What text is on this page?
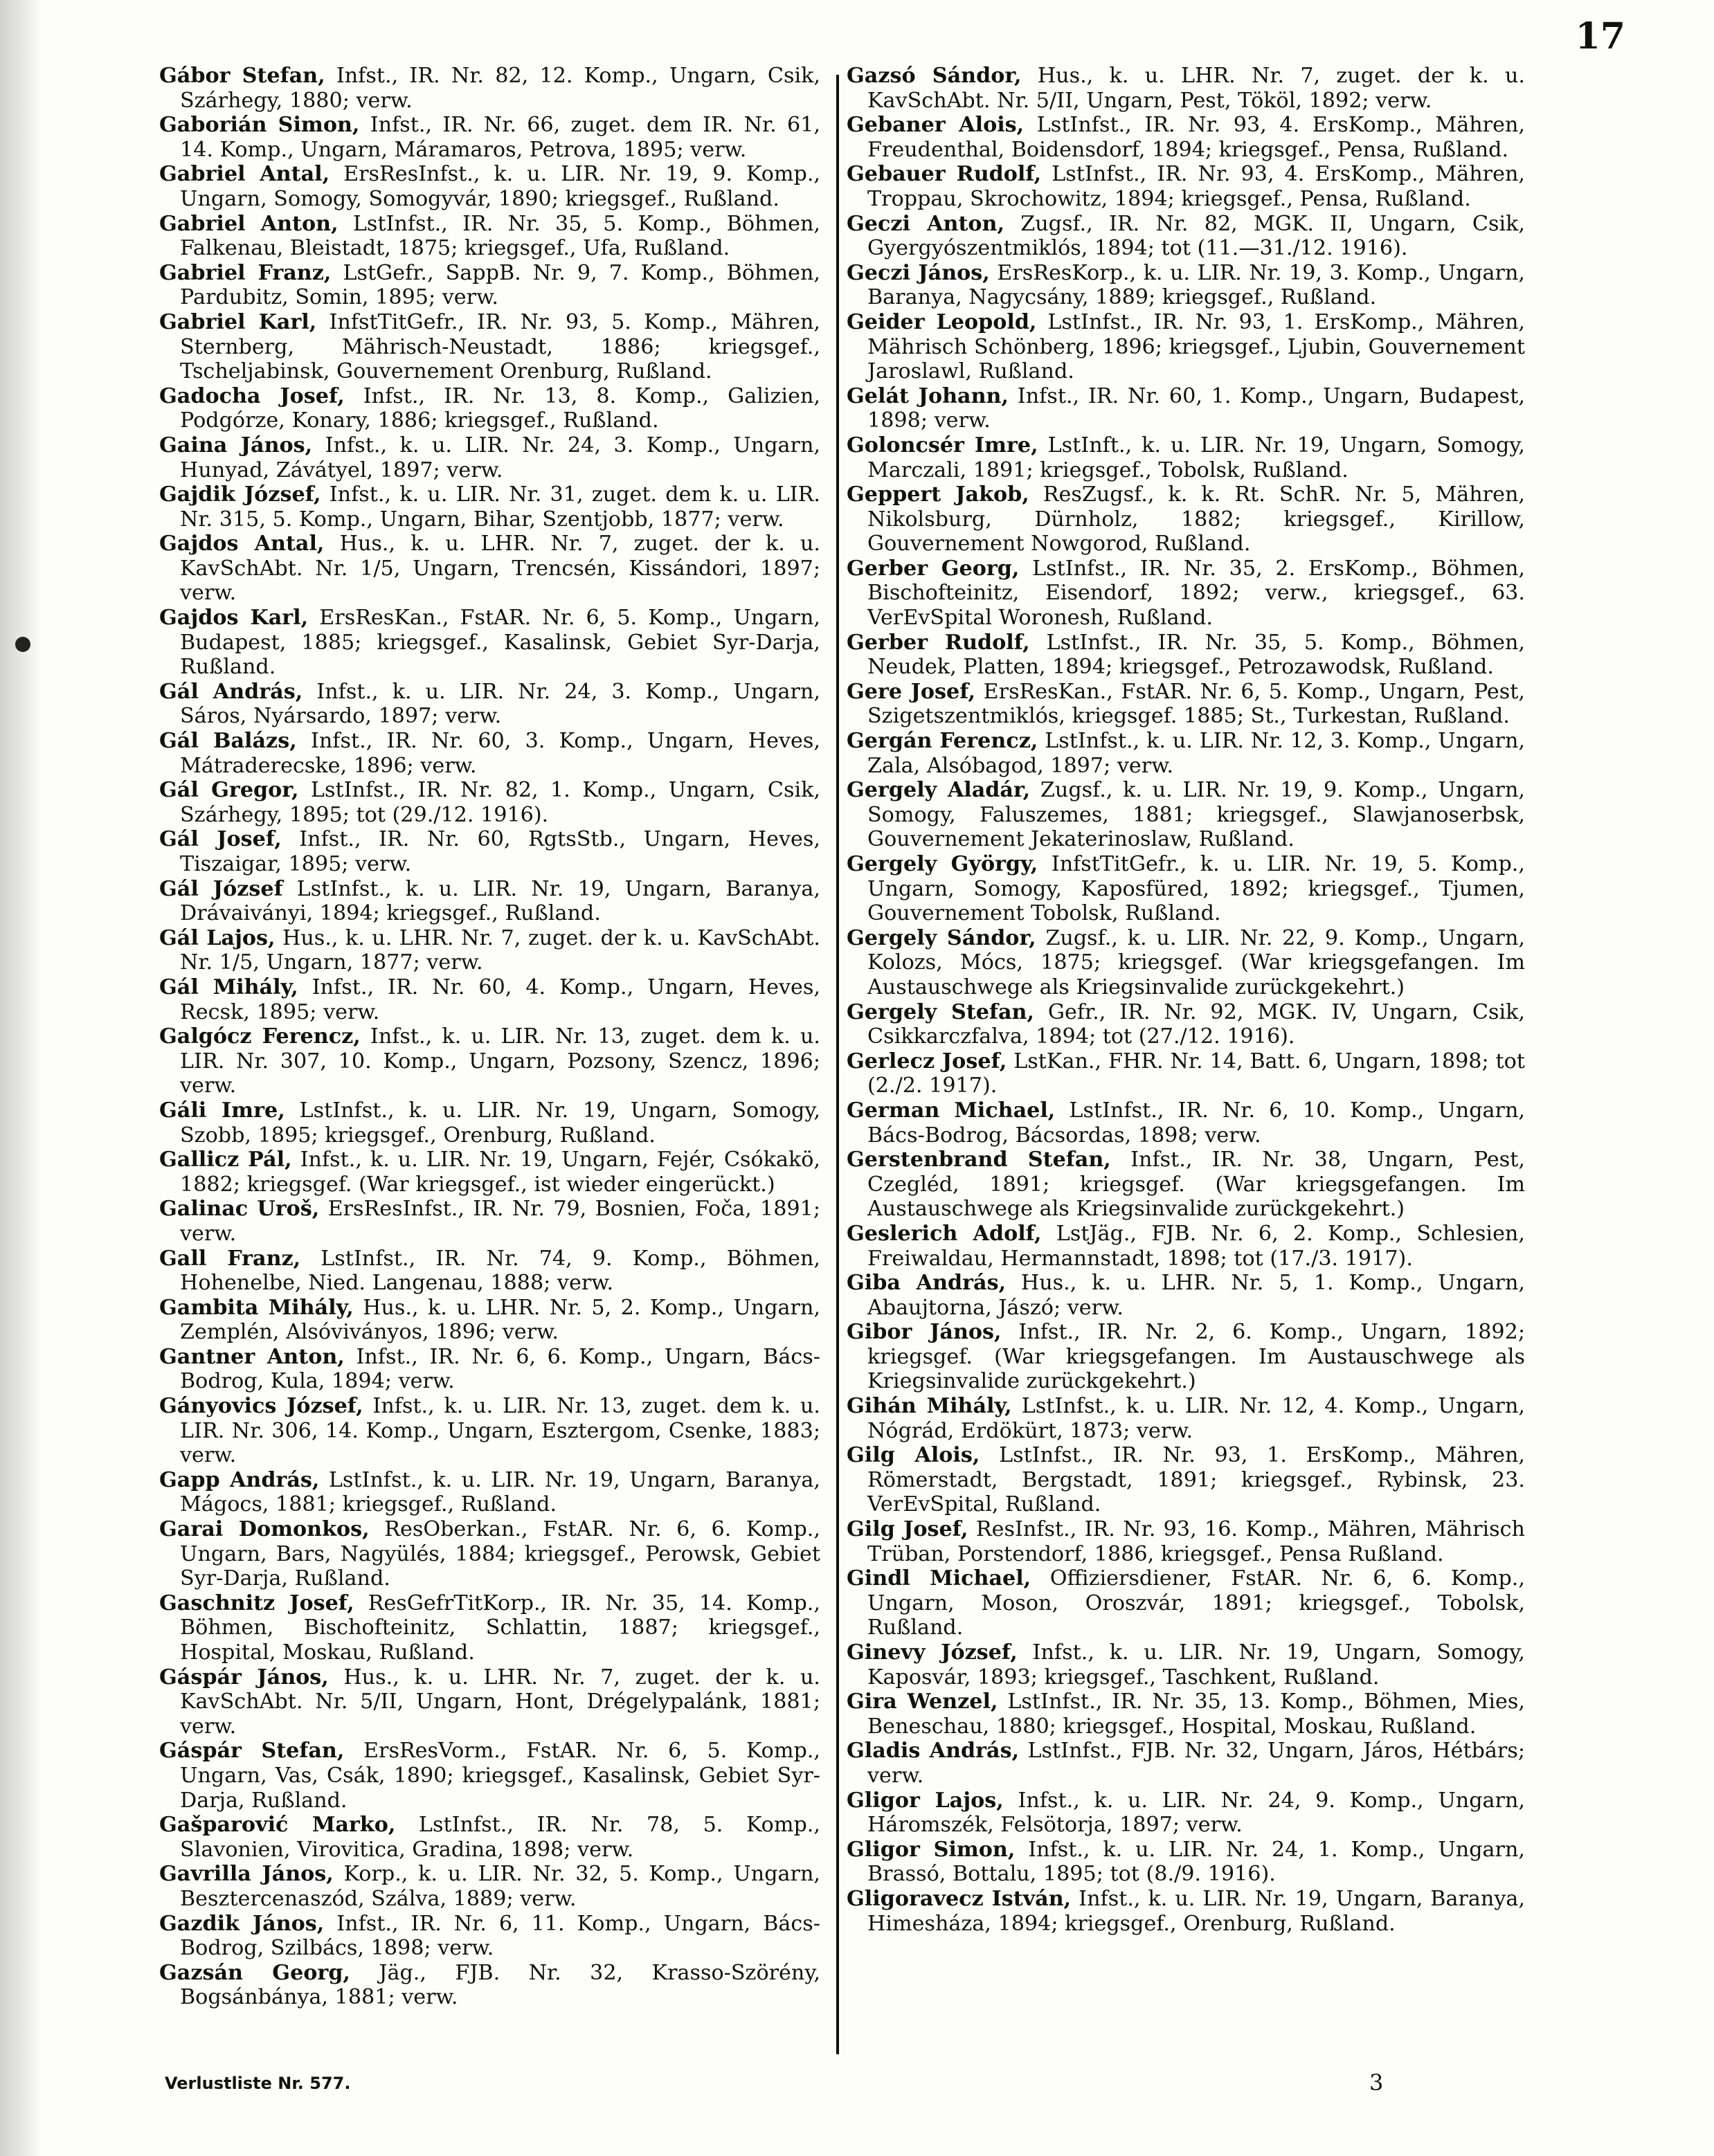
17

Gábor Stefan, Infst., IR. Nr. 82, 12. Komp., Ungarn, Csik, Szárhegy, 1880; verw.

Gaborián Simon, Infst., IR. Nr. 66, zuget. dem IR. Nr. 61, 14. Komp., Ungarn, Máramaros, Petrova, 1895; verw.

Gabriel Antal, ErsResInfst., k. u. LIR. Nr. 19, 9. Komp., Ungarn, Somogy, Somogyvár, 1890; kriegsgef., Rußland.

Gabriel Anton, LstInfst., IR. Nr. 35, 5. Komp., Böhmen, Falkenau, Bleistadt, 1875; kriegsgef., Ufa, Rußland.

Gabriel Franz, LstGefr., SappB. Nr. 9, 7. Komp., Böhmen, Pardubitz, Somin, 1895; verw.

Gabriel Karl, InfstTitGefr., IR. Nr. 93, 5. Komp., Mähren, Sternberg, Mährisch-Neustadt, 1886; kriegsgef., Tscheljabinsk, Gouvernement Orenburg, Rußland.

Gadocha Josef, Infst., IR. Nr. 13, 8. Komp., Galizien, Podgórze, Konary, 1886; kriegsgef., Rußland.

Gaina János, Infst., k. u. LIR. Nr. 24, 3. Komp., Ungarn, Hunyad, Závátyel, 1897; verw.

Gajdik József, Infst., k. u. LIR. Nr. 31, zuget. dem k. u. LIR. Nr. 315, 5. Komp., Ungarn, Bihar, Szentjobb, 1877; verw.

Gajdos Antal, Hus., k. u. LHR. Nr. 7, zuget. der k. u. KavSchAbt. Nr. 1/5, Ungarn, Trencsén, Kissándori, 1897; verw.

Gajdos Karl, ErsResKan., FstAR. Nr. 6, 5. Komp., Ungarn, Budapest, 1885; kriegsgef., Kasalinsk, Gebiet Syr-Darja, Rußland.

Gál András, Infst., k. u. LIR. Nr. 24, 3. Komp., Ungarn, Sáros, Nyársardo, 1897; verw.

Gál Balázs, Infst., IR. Nr. 60, 3. Komp., Ungarn, Heves, Mátraderecske, 1896; verw.

Gál Gregor, LstInfst., IR. Nr. 82, 1. Komp., Ungarn, Csik, Szárhegy, 1895; tot (29./12. 1916).

Gál Josef, Infst., IR. Nr. 60, RgtsStb., Ungarn, Heves, Tiszaigar, 1895; verw.

Gál József LstInfst., k. u. LIR. Nr. 19, Ungarn, Baranya, Drávaiványi, 1894; kriegsgef., Rußland.

Gál Lajos, Hus., k. u. LHR. Nr. 7, zuget. der k. u. KavSchAbt. Nr. 1/5, Ungarn, 1877; verw.

Gál Mihály, Infst., IR. Nr. 60, 4. Komp., Ungarn, Heves, Recsk, 1895; verw.

Galgócz Ferencz, Infst., k. u. LIR. Nr. 13, zuget. dem k. u. LIR. Nr. 307, 10. Komp., Ungarn, Pozsony, Szencz, 1896; verw.

Gáli Imre, LstInfst., k. u. LIR. Nr. 19, Ungarn, Somogy, Szobb, 1895; kriegsgef., Orenburg, Rußland.

Gallicz Pál, Infst., k. u. LIR. Nr. 19, Ungarn, Fejér, Csókakö, 1882; kriegsgef. (War kriegsgef., ist wieder eingerückt.)

Galinac Uroš, ErsResInfst., IR. Nr. 79, Bosnien, Foča, 1891; verw.

Gall Franz, LstInfst., IR. Nr. 74, 9. Komp., Böhmen, Hohenelbe, Nied. Langenau, 1888; verw.

Gambita Mihály, Hus., k. u. LHR. Nr. 5, 2. Komp., Ungarn, Zemplén, Alsóviványos, 1896; verw.

Gantner Anton, Infst., IR. Nr. 6, 6. Komp., Ungarn, Bács-Bodrog, Kula, 1894; verw.

Gányovics József, Infst., k. u. LIR. Nr. 13, zuget. dem k. u. LIR. Nr. 306, 14. Komp., Ungarn, Esztergom, Csenke, 1883; verw.

Gapp András, LstInfst., k. u. LIR. Nr. 19, Ungarn, Baranya, Mágocs, 1881; kriegsgef., Rußland.

Garai Domonkos, ResOberkan., FstAR. Nr. 6, 6. Komp., Ungarn, Bars, Nagyülés, 1884; kriegsgef., Perowsk, Gebiet Syr-Darja, Rußland.

Gaschnitz Josef, ResGefrTitKorp., IR. Nr. 35, 14. Komp., Böhmen, Bischofteinitz, Schlattin, 1887; kriegsgef., Hospital, Moskau, Rußland.

Gáspár János, Hus., k. u. LHR. Nr. 7, zuget. der k. u. KavSchAbt. Nr. 5/II, Ungarn, Hont, Drégelypalánk, 1881; verw.

Gáspár Stefan, ErsResVorm., FstAR. Nr. 6, 5. Komp., Ungarn, Vas, Csák, 1890; kriegsgef., Kasalinsk, Gebiet Syr-Darja, Rußland.

Gašparović Marko, LstInfst., IR. Nr. 78, 5. Komp., Slavonien, Virovitica, Gradina, 1898; verw.

Gavrilla János, Korp., k. u. LIR. Nr. 32, 5. Komp., Ungarn, Besztercenaszód, Szálva, 1889; verw.

Gazdik János, Infst., IR. Nr. 6, 11. Komp., Ungarn, Bács-Bodrog, Szilbács, 1898; verw.

Gazsán Georg, Jäg., FJB. Nr. 32, Krasso-Szörény, Bogsánbánya, 1881; verw.

Gazsó Sándor, Hus., k. u. LHR. Nr. 7, zuget. der k. u. KavSchAbt. Nr. 5/II, Ungarn, Pest, Tököl, 1892; verw.

Gebaner Alois, LstInfst., IR. Nr. 93, 4. ErsKomp., Mähren, Freudenthal, Boidensdorf, 1894; kriegsgef., Pensa, Rußland.

Gebauer Rudolf, LstInfst., IR. Nr. 93, 4. ErsKomp., Mähren, Troppau, Skrochowitz, 1894; kriegsgef., Pensa, Rußland.

Geczi Anton, Zugsf., IR. Nr. 82, MGK. II, Ungarn, Csik, Gyergyószentmiklós, 1894; tot (11.—31./12. 1916).

Geczi János, ErsResKorp., k. u. LIR. Nr. 19, 3. Komp., Ungarn, Baranya, Nagycsány, 1889; kriegsgef., Rußland.

Geider Leopold, LstInfst., IR. Nr. 93, 1. ErsKomp., Mähren, Mährisch Schönberg, 1896; kriegsgef., Ljubin, Gouvernement Jaroslawl, Rußland.

Gelát Johann, Infst., IR. Nr. 60, 1. Komp., Ungarn, Budapest, 1898; verw.

Goloncsér Imre, LstInft., k. u. LIR. Nr. 19, Ungarn, Somogy, Marczali, 1891; kriegsgef., Tobolsk, Rußland.

Geppert Jakob, ResZugsf., k. k. Rt. SchR. Nr. 5, Mähren, Nikolsburg, Dürnholz, 1882; kriegsgef., Kirillow, Gouvernement Nowgorod, Rußland.

Gerber Georg, LstInfst., IR. Nr. 35, 2. ErsKomp., Böhmen, Bischofteinitz, Eisendorf, 1892; verw., kriegsgef., 63. VerEvSpital Woronesh, Rußland.

Gerber Rudolf, LstInfst., IR. Nr. 35, 5. Komp., Böhmen, Neudek, Platten, 1894; kriegsgef., Petrozawodsk, Rußland.

Gere Josef, ErsResKan., FstAR. Nr. 6, 5. Komp., Ungarn, Pest, Szigetszentmiklós, kriegsgef. 1885; St., Turkestan, Rußland.

Gergán Ferencz, LstInfst., k. u. LIR. Nr. 12, 3. Komp., Ungarn, Zala, Alsóbagod, 1897; verw.

Gergely Aladár, Zugsf., k. u. LIR. Nr. 19, 9. Komp., Ungarn, Somogy, Faluszemes, 1881; kriegsgef., Slawjanoserbsk, Gouvernement Jekaterinoslaw, Rußland.

Gergely György, InfstTitGefr., k. u. LIR. Nr. 19, 5. Komp., Ungarn, Somogy, Kaposfüred, 1892; kriegsgef., Tjumen, Gouvernement Tobolsk, Rußland.

Gergely Sándor, Zugsf., k. u. LIR. Nr. 22, 9. Komp., Ungarn, Kolozs, Mócs, 1875; kriegsgef. (War kriegsgefangen. Im Austauschwege als Kriegsinvalide zurückgekehrt.)

Gergely Stefan, Gefr., IR. Nr. 92, MGK. IV, Ungarn, Csik, Csikkarczfalva, 1894; tot (27./12. 1916).

Gerlecz Josef, LstKan., FHR. Nr. 14, Batt. 6, Ungarn, 1898; tot (2./2. 1917).

German Michael, LstInfst., IR. Nr. 6, 10. Komp., Ungarn, Bács-Bodrog, Bácsordas, 1898; verw.

Gerstenbrand Stefan, Infst., IR. Nr. 38, Ungarn, Pest, Czegléd, 1891; kriegsgef. (War kriegsgefangen. Im Austauschwege als Kriegsinvalide zurückgekehrt.)

Geslerich Adolf, LstJäg., FJB. Nr. 6, 2. Komp., Schlesien, Freiwaldau, Hermannstadt, 1898; tot (17./3. 1917).

Giba András, Hus., k. u. LHR. Nr. 5, 1. Komp., Ungarn, Abaujtorna, Jászó; verw.

Gibor János, Infst., IR. Nr. 2, 6. Komp., Ungarn, 1892; kriegsgef. (War kriegsgefangen. Im Austauschwege als Kriegsinvalide zurückgekehrt.)

Gihán Mihály, LstInfst., k. u. LIR. Nr. 12, 4. Komp., Ungarn, Nógrád, Erdökürt, 1873; verw.

Gilg Alois, LstInfst., IR. Nr. 93, 1. ErsKomp., Mähren, Römerstadt, Bergstadt, 1891; kriegsgef., Rybinsk, 23. VerEvSpital, Rußland.

Gilg Josef, ResInfst., IR. Nr. 93, 16. Komp., Mähren, Mährisch Trüban, Porstendorf, 1886, kriegsgef., Pensa Rußland.

Gindl Michael, Offiziersdiener, FstAR. Nr. 6, 6. Komp., Ungarn, Moson, Oroszvár, 1891; kriegsgef., Tobolsk, Rußland.

Ginevy József, Infst., k. u. LIR. Nr. 19, Ungarn, Somogy, Kaposvár, 1893; kriegsgef., Taschkent, Rußland.

Gira Wenzel, LstInfst., IR. Nr. 35, 13. Komp., Böhmen, Mies, Beneschau, 1880; kriegsgef., Hospital, Moskau, Rußland.

Gladis András, LstInfst., FJB. Nr. 32, Ungarn, Járos, Hétbárs; verw.

Gligor Lajos, Infst., k. u. LIR. Nr. 24, 9. Komp., Ungarn, Háromszék, Felsötorja, 1897; verw.

Gligor Simon, Infst., k. u. LIR. Nr. 24, 1. Komp., Ungarn, Brassó, Bottalu, 1895; tot (8./9. 1916).

Gligoravecz István, Infst., k. u. LIR. Nr. 19, Ungarn, Baranya, Himesháza, 1894; kriegsgef., Orenburg, Rußland.

Verlustliste Nr. 577.	3
